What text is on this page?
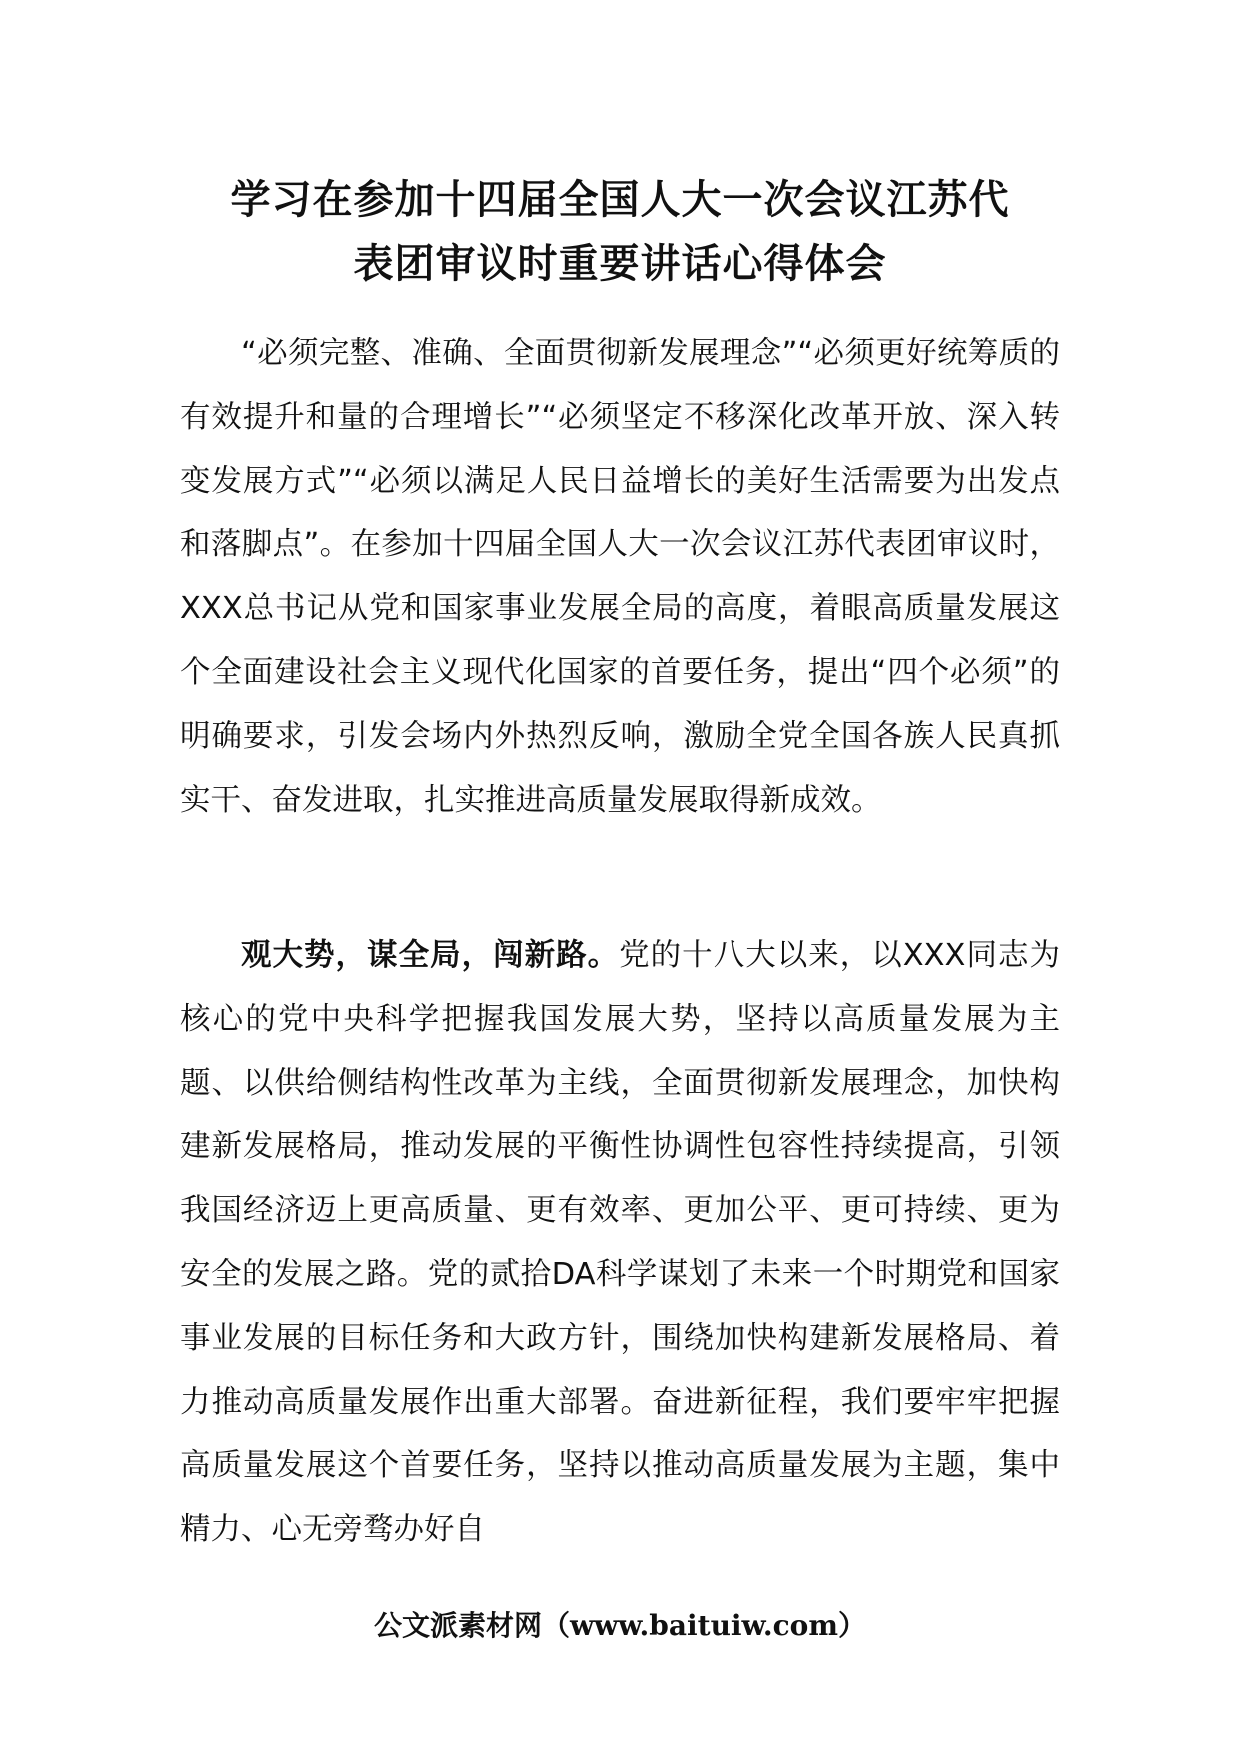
学习在参加十四届全国人大一次会议江苏代
表团审议时重要讲话心得体会

“必须完整、准确、全面贯彻新发展理念”“必须更好统筹质的有效提升和量的合理增长”“必须坚定不移深化改革开放、深入转变发展方式”“必须以满足人民日益增长的美好生活需要为出发点和落脚点”。在参加十四届全国人大一次会议江苏代表团审议时，XXX总书记从党和国家事业发展全局的高度，着眼高质量发展这个全面建设社会主义现代化国家的首要任务，提出“四个必须”的明确要求，引发会场内外热烈反响，激励全党全国各族人民真抓实干、奋发进取，扎实推进高质量发展取得新成效。

观大势，谋全局，闯新路。党的十八大以来，以XXX同志为核心的党中央科学把握我国发展大势，坚持以高质量发展为主题、以供给侧结构性改革为主线，全面贯彻新发展理念，加快构建新发展格局，推动发展的平衡性协调性包容性持续提高，引领我国经济迈上更高质量、更有效率、更加公平、更可持续、更为安全的发展之路。党的贰拾DA科学谋划了未来一个时期党和国家事业发展的目标任务和大政方针，围绕加快构建新发展格局、着力推动高质量发展作出重大部署。奋进新征程，我们要牢牢把握高质量发展这个首要任务，坚持以推动高质量发展为主题，集中精力、心无旁骛办好自

公文派素材网（www.baituiw.com）
